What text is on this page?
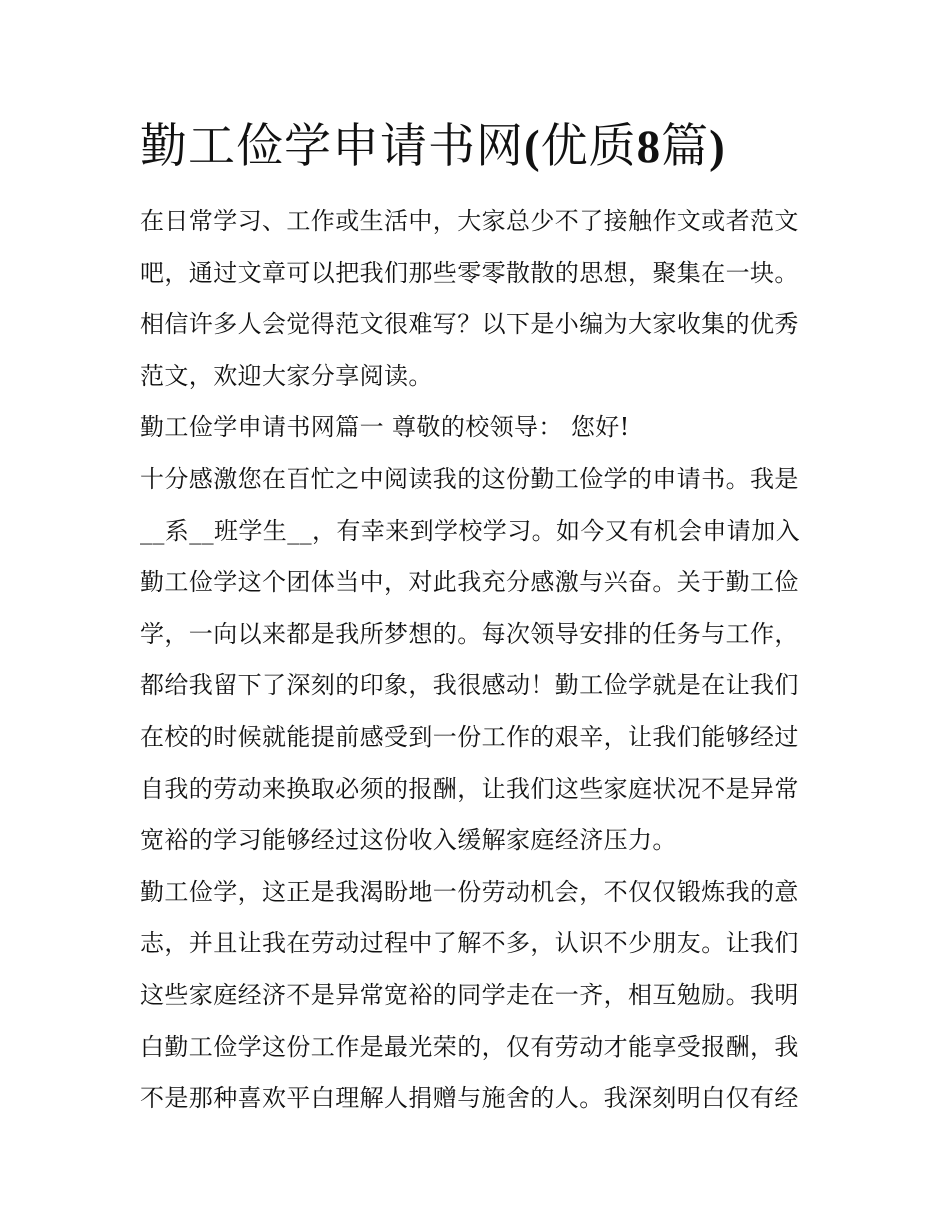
勤工俭学申请书网(优质8篇)
在日常学习、工作或生活中，大家总少不了接触作文或者范文
吧，通过文章可以把我们那些零零散散的思想，聚集在一块。
相信许多人会觉得范文很难写？以下是小编为大家收集的优秀
范文，欢迎大家分享阅读。
勤工俭学申请书网篇一 尊敬的校领导： 您好!
十分感激您在百忙之中阅读我的这份勤工俭学的申请书。我是
__系__班学生__，有幸来到学校学习。如今又有机会申请加入
勤工俭学这个团体当中，对此我充分感激与兴奋。关于勤工俭
学，一向以来都是我所梦想的。每次领导安排的任务与工作，
都给我留下了深刻的印象，我很感动！勤工俭学就是在让我们
在校的时候就能提前感受到一份工作的艰辛，让我们能够经过
自我的劳动来换取必须的报酬，让我们这些家庭状况不是异常
宽裕的学习能够经过这份收入缓解家庭经济压力。
勤工俭学，这正是我渴盼地一份劳动机会，不仅仅锻炼我的意
志，并且让我在劳动过程中了解不多，认识不少朋友。让我们
这些家庭经济不是异常宽裕的同学走在一齐，相互勉励。我明
白勤工俭学这份工作是最光荣的，仅有劳动才能享受报酬，我
不是那种喜欢平白理解人捐赠与施舍的人。我深刻明白仅有经
